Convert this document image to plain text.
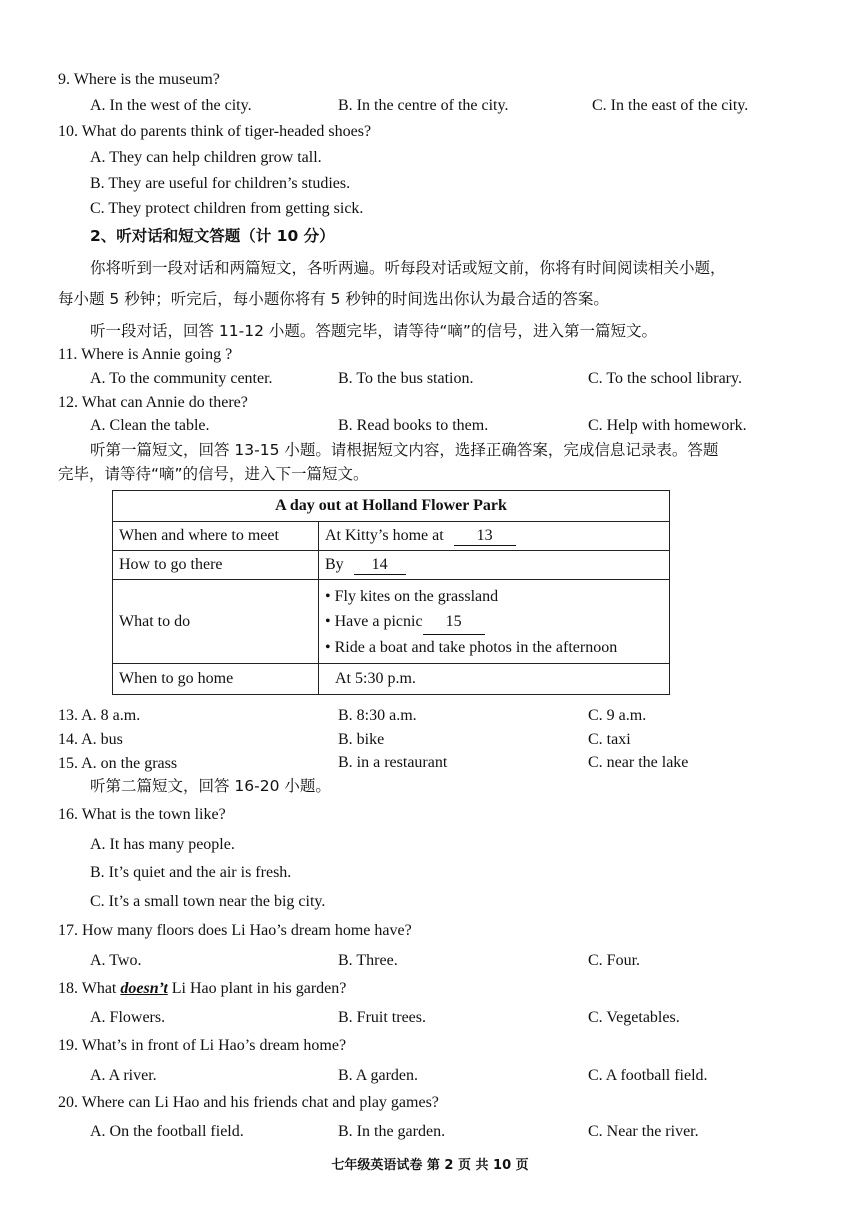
9. Where is the museum?
A. In the west of the city.	B. In the centre of the city.	C. In the east of the city.
10. What do parents think of tiger-headed shoes?
A. They can help children grow tall.
B. They are useful for children’s studies.
C. They protect children from getting sick.
2、听对话和短文答题（计 10 分）
你将听到一段对话和两篇短文，各听两遍。听每段对话或短文前，你将有时间阅读相关小题，
每小题 5 秒钟；听完后，每小题你将有 5 秒钟的时间选出你认为最合适的答案。
听一段对话，回答 11-12 小题。答题完毕，请等待“嘀”的信号，进入第一篇短文。
11. Where is Annie going ?
A. To the community center.	B. To the bus station.	C. To the school library.
12. What can Annie do there?
A. Clean the table.	B. Read books to them.	C. Help with homework.
听第一篇短文，回答 13-15 小题。请根据短文内容，选择正确答案，完成信息记录表。答题
完毕，请等待“嘀”的信号，进入下一篇短文。
A day out at Holland Flower Park	
When and where to meet	At Kitty’s home at 13
How to go there	By 14
What to do	• Fly kites on the grassland
• Have a picnic 15
• Ride a boat and take photos in the afternoon

When to go home	At 5:30 p.m.
13. A. 8 a.m.	B. 8:30 a.m.	C. 9 a.m.
14. A. bus	B. bike	C. taxi
15. A. on the grass	B. in a restaurant	C. near the lake
听第二篇短文，回答 16-20 小题。
16. What is the town like?
A. It has many people.
B. It’s quiet and the air is fresh.
C. It’s a small town near the big city.
17. How many floors does Li Hao’s dream home have?
A. Two.	B. Three.	C. Four.
18. What doesn’t Li Hao plant in his garden?
A. Flowers.	B. Fruit trees.	C. Vegetables.
19. What’s in front of Li Hao’s dream home?
A. A river.	B. A garden.	C. A football field.
20. Where can Li Hao and his friends chat and play games?
A. On the football field.	B. In the garden.	C. Near the river.
七年级英语试卷 第 2 页 共 10 页
